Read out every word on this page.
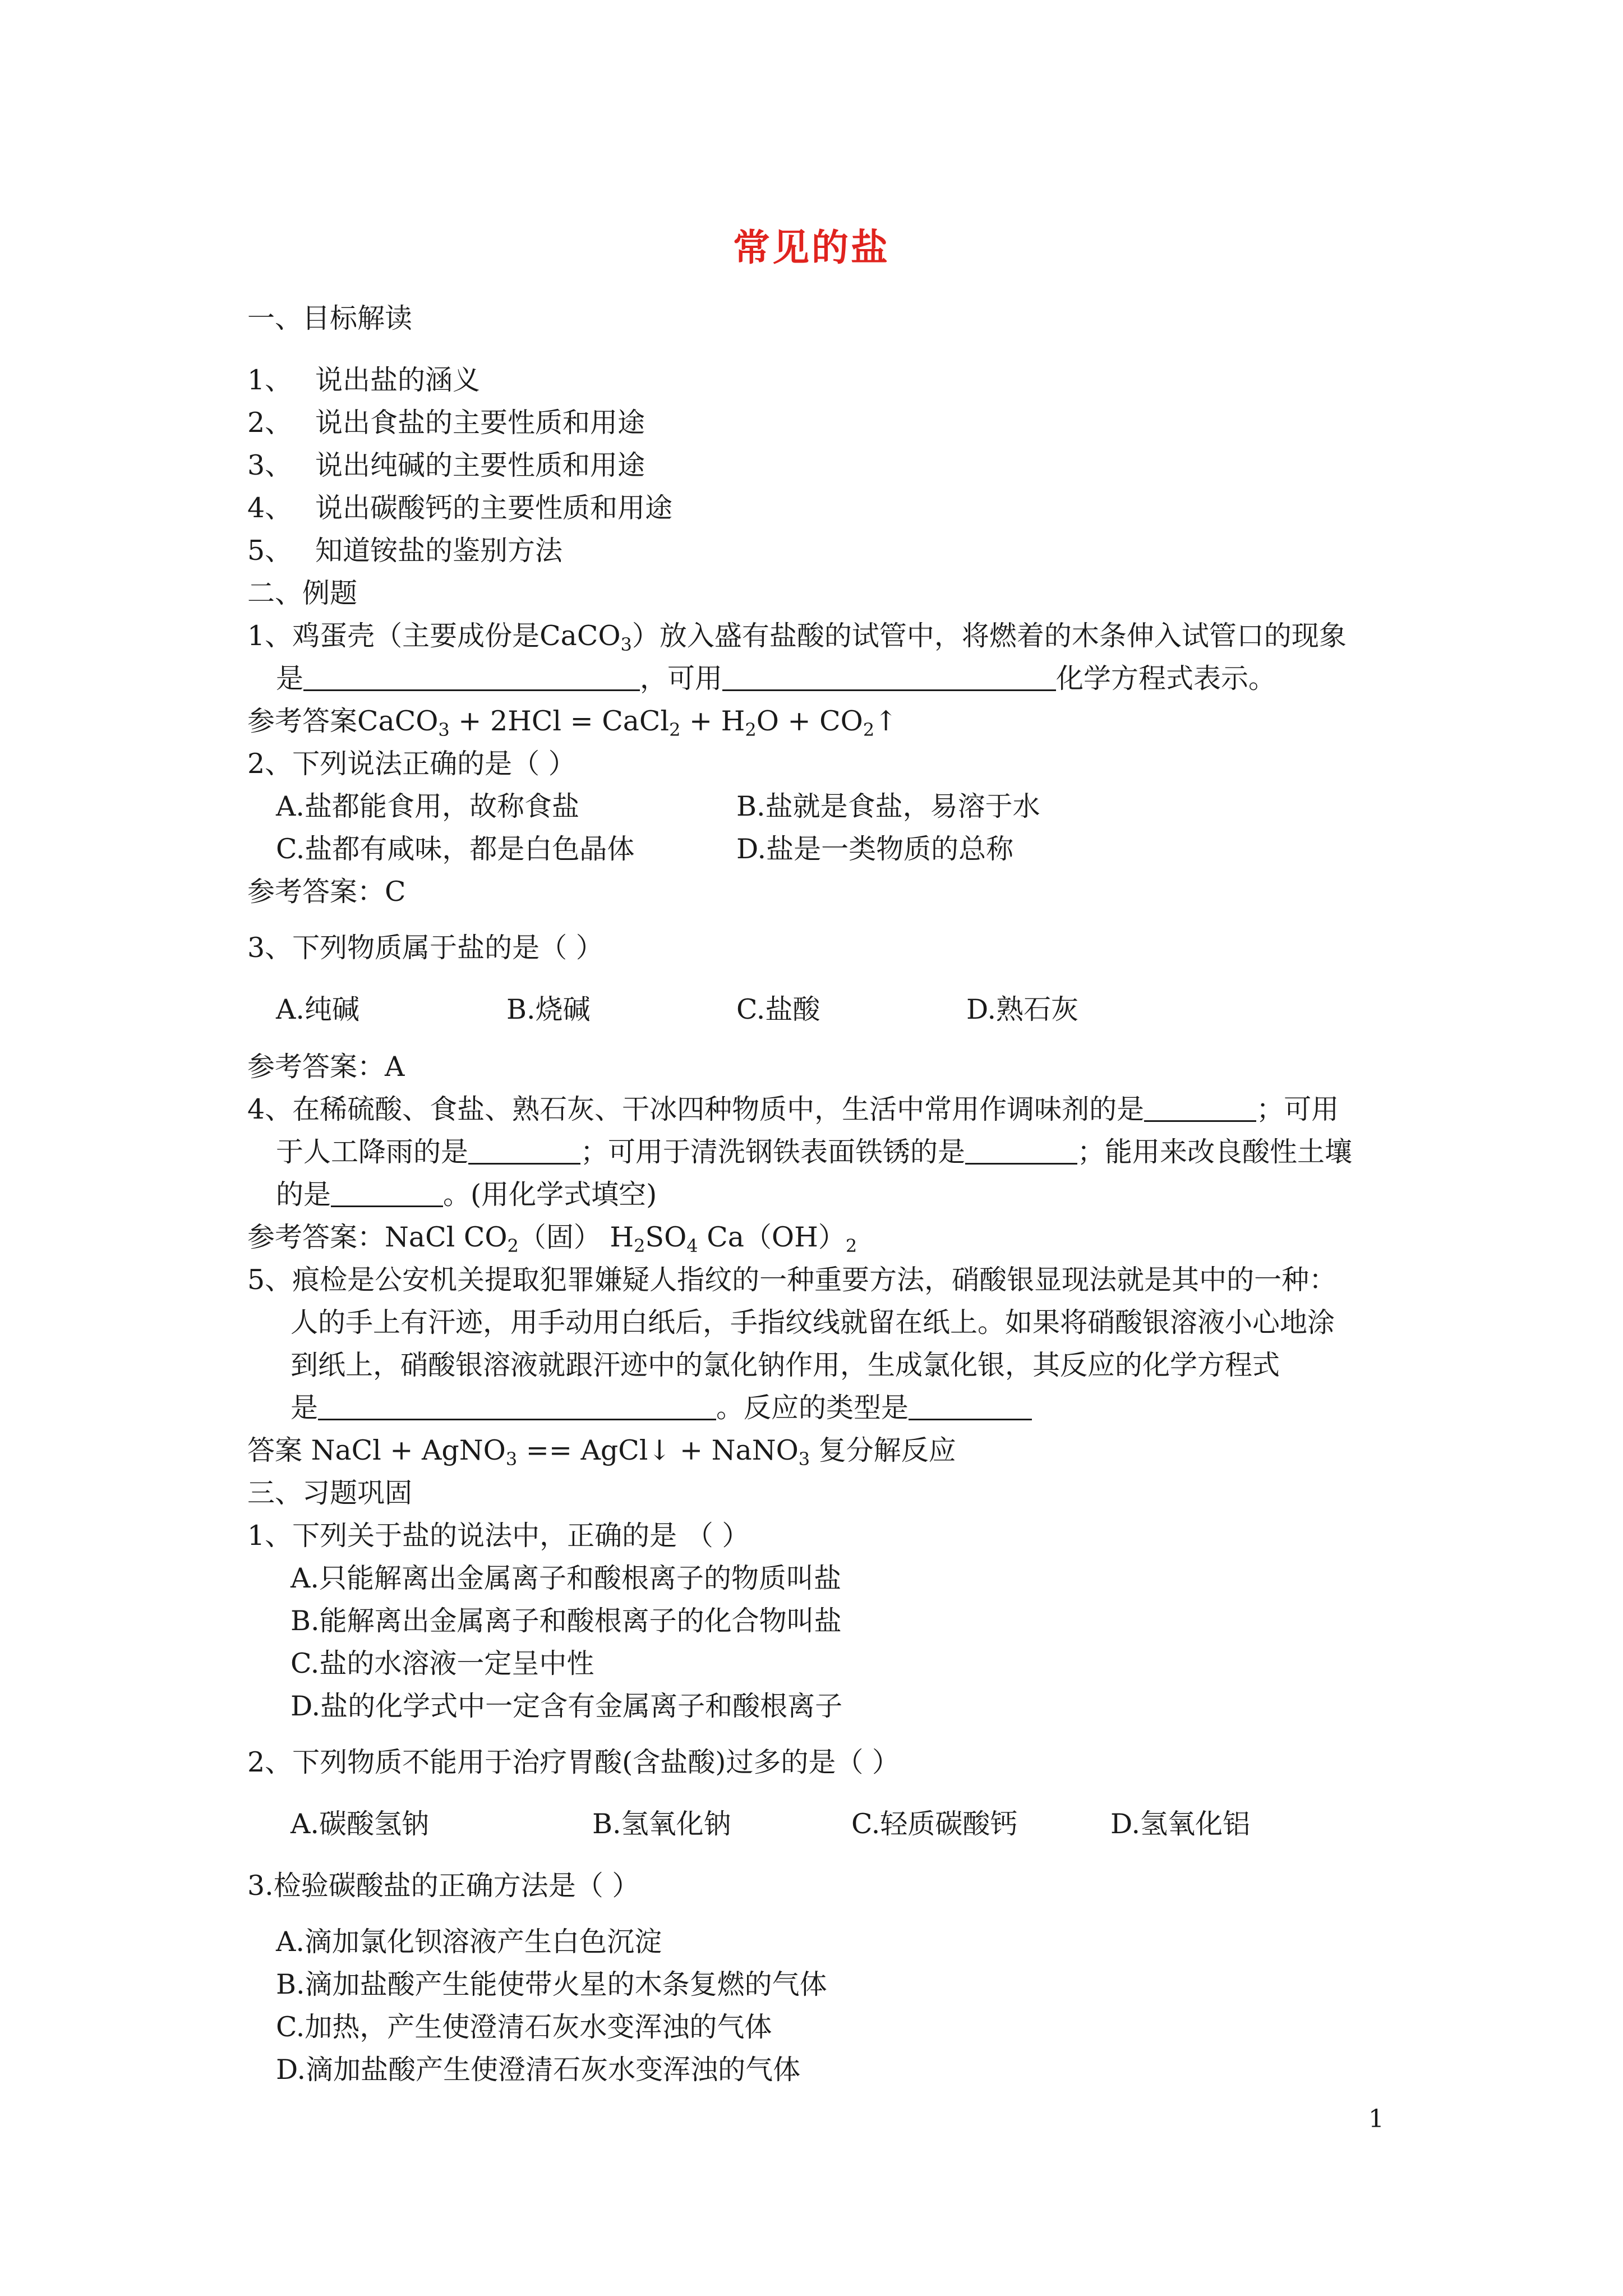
常见的盐
一、目标解读
1、 说出盐的涵义
2、 说出食盐的主要性质和用途
3、 说出纯碱的主要性质和用途
4、 说出碳酸钙的主要性质和用途
5、 知道铵盐的鉴别方法
二、例题
1、鸡蛋壳（主要成份是CaCO$_3$）放入盛有盐酸的试管中，将燃着的木条伸入试管口的现象
是	，可用	化学方程式表示。
参考答案CaCO$_3$ + 2HCl = CaCl$_2$ + $H_2O$ + $CO_2↑$
2、下列说法正确的是（ ）
A.盐都能食用，故称食盐	B.盐就是食盐，易溶于水
C.盐都有咸味，都是白色晶体	D.盐是一类物质的总称
参考答案：C
3、下列物质属于盐的是（ ）
A.纯碱	B.烧碱	C.盐酸	D.熟石灰
参考答案：A
4、在稀硫酸、食盐、熟石灰、干冰四种物质中，生活中常用作调味剂的是	；可用
于人工降雨的是	；可用于清洗钢铁表面铁锈的是	；能用来改良酸性土壤
的是	。(用化学式填空)
参考答案：NaCl $CO_2$（固） $H_2SO_4$ $Ca(OH)_2$
5、痕检是公安机关提取犯罪嫌疑人指纹的一种重要方法，硝酸银显现法就是其中的一种：
人的手上有汗迹，用手动用白纸后，手指纹线就留在纸上。如果将硝酸银溶液小心地涂
到纸上，硝酸银溶液就跟汗迹中的氯化钠作用，生成氯化银，其反应的化学方程式
是	。反应的类型是
答案 NaCl + AgNO$_3$ == AgCl↓ + NaNO$_3$ 复分解反应
三、习题巩固
1、下列关于盐的说法中，正确的是 （ ）
A.只能解离出金属离子和酸根离子的物质叫盐
B.能解离出金属离子和酸根离子的化合物叫盐
C.盐的水溶液一定呈中性
D.盐的化学式中一定含有金属离子和酸根离子
2、下列物质不能用于治疗胃酸(含盐酸)过多的是（ ）
A.碳酸氢钠	B.氢氧化钠	C.轻质碳酸钙	D.氢氧化铝
3.检验碳酸盐的正确方法是（ ）
A.滴加氯化钡溶液产生白色沉淀
B.滴加盐酸产生能使带火星的木条复燃的气体
C.加热，产生使澄清石灰水变浑浊的气体
D.滴加盐酸产生使澄清石灰水变浑浊的气体
1
